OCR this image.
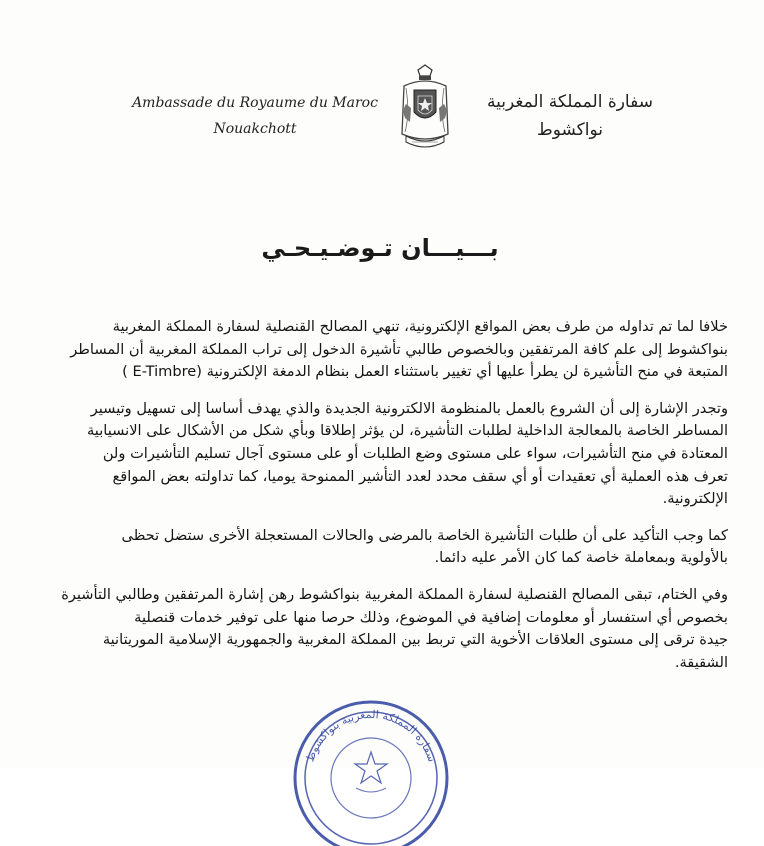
Ambassade du Royaume du Maroc
Nouakchott
سفارة المملكة المغربية
نواكشوط
بـــيـــان تـوضـيـحـي

خلافا لما تم تداوله من طرف بعض المواقع الإلكترونية، تنهي المصالح القنصلية لسفارة المملكة المغربية
بنواكشوط إلى علم كافة المرتفقين وبالخصوص طالبي تأشيرة الدخول إلى تراب المملكة المغربية أن المساطر
المتبعة في منح التأشيرة لن يطرأ عليها أي تغيير باستثناء العمل بنظام الدمغة الإلكترونية (E-Timbre )

وتجدر الإشارة إلى أن الشروع بالعمل بالمنظومة الالكترونية الجديدة والذي يهدف أساسا إلى تسهيل وتيسير
المساطر الخاصة بالمعالجة الداخلية لطلبات التأشيرة، لن يؤثر إطلاقا وبأي شكل من الأشكال على الانسيابية
المعتادة في منح التأشيرات، سواء على مستوى وضع الطلبات أو على مستوى آجال تسليم التأشيرات ولن
تعرف هذه العملية أي تعقيدات أو أي سقف محدد لعدد التأشير الممنوحة يوميا، كما تداولته بعض المواقع
الإلكترونية.

كما وجب التأكيد على أن طلبات التأشيرة الخاصة بالمرضى والحالات المستعجلة الأخرى ستضل تحظى
بالأولوية وبمعاملة خاصة كما كان الأمر عليه دائما.

وفي الختام، تبقى المصالح القنصلية لسفارة المملكة المغربية بنواكشوط رهن إشارة المرتفقين وطالبي التأشيرة
بخصوص أي استفسار أو معلومات إضافية في الموضوع، وذلك حرصا منها على توفير خدمات قنصلية
جيدة ترقى إلى مستوى العلاقات الأخوية التي تربط بين المملكة المغربية والجمهورية الإسلامية الموريتانية
الشقيقة.

سفارة المملكة المغربية بنواكشوط
